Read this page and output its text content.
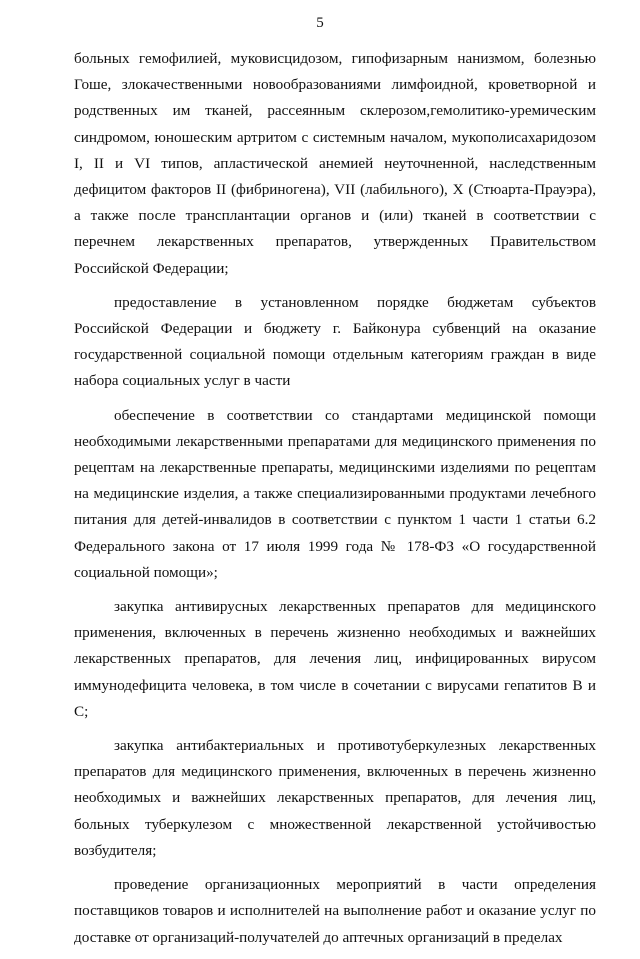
5

больных гемофилией, муковисцидозом, гипофизарным нанизмом, болезнью Гоше, злокачественными новообразованиями лимфоидной, кроветворной и родственных им тканей, рассеянным склерозом,гемолитико-уремическим синдромом, юношеским артритом с системным началом, мукополисахаридозом I, II и VI типов, апластической анемией неуточненной, наследственным дефицитом факторов II (фибриногена), VII (лабильного), X (Стюарта-Прауэра), а также после трансплантации органов и (или) тканей в соответствии с перечнем лекарственных препаратов, утвержденных Правительством Российской Федерации;

предоставление в установленном порядке бюджетам субъектов Российской Федерации и бюджету г. Байконура субвенций на оказание государственной социальной помощи отдельным категориям граждан в виде набора социальных услуг в части

обеспечение в соответствии со стандартами медицинской помощи необходимыми лекарственными препаратами для медицинского применения по рецептам на лекарственные препараты, медицинскими изделиями по рецептам на медицинские изделия, а также специализированными продуктами лечебного питания для детей-инвалидов в соответствии с пунктом 1 части 1 статьи 6.2 Федерального закона от 17 июля 1999 года № 178-ФЗ «О государственной социальной помощи»;

закупка антивирусных лекарственных препаратов для медицинского применения, включенных в перечень жизненно необходимых и важнейших лекарственных препаратов, для лечения лиц, инфицированных вирусом иммунодефицита человека, в том числе в сочетании с вирусами гепатитов B и C;

закупка антибактериальных и противотуберкулезных лекарственных препаратов для медицинского применения, включенных в перечень жизненно необходимых и важнейших лекарственных препаратов, для лечения лиц, больных туберкулезом с множественной лекарственной устойчивостью возбудителя;

проведение организационных мероприятий в части определения поставщиков товаров и исполнителей на выполнение работ и оказание услуг по доставке от организаций-получателей до аптечных организаций в пределах
